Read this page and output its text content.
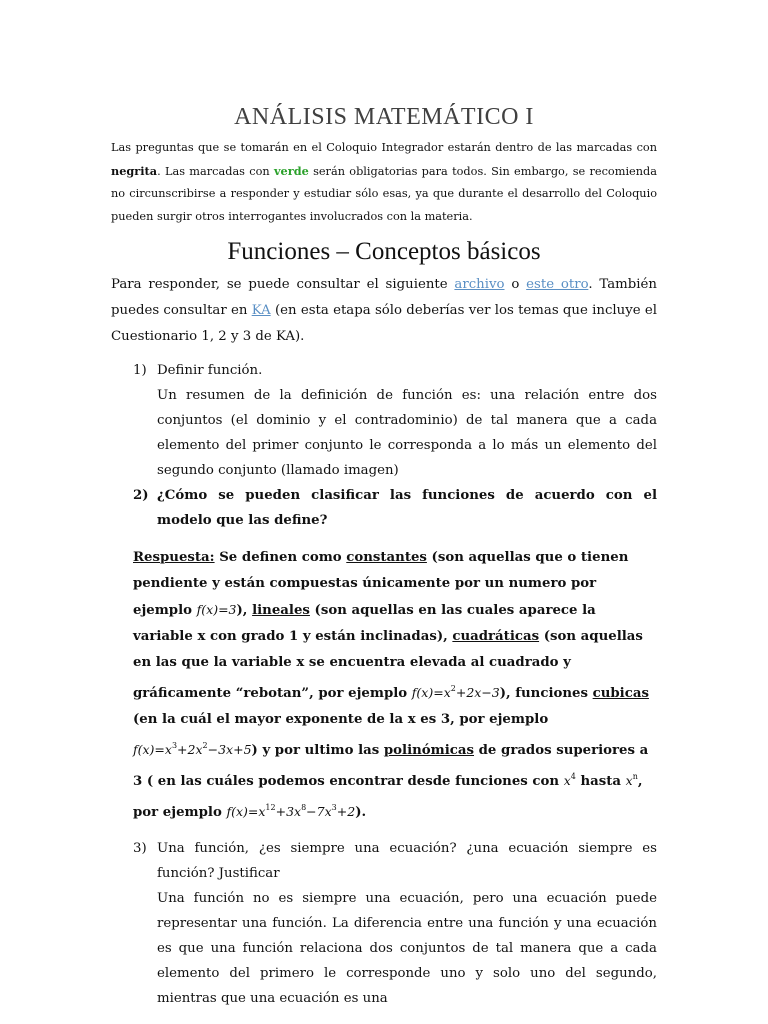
ANÁLISIS MATEMÁTICO I

Las preguntas que se tomarán en el Coloquio Integrador estarán dentro de las marcadas con negrita. Las marcadas con verde serán obligatorias para todos. Sin embargo, se recomienda no circunscribirse a responder y estudiar sólo esas, ya que durante el desarrollo del Coloquio pueden surgir otros interrogantes involucrados con la materia.

Funciones – Conceptos básicos

Para responder, se puede consultar el siguiente archivo o este otro. También puedes consultar en KA (en esta etapa sólo deberías ver los temas que incluye el Cuestionario 1, 2 y 3 de KA).

1) Definir función.
Un resumen de la definición de función es: una relación entre dos conjuntos (el dominio y el contradominio) de tal manera que a cada elemento del primer conjunto le corresponda a lo más un elemento del segundo conjunto (llamado imagen)
2) ¿Cómo se pueden clasificar las funciones de acuerdo con el modelo que las define?
Respuesta: Se definen como constantes (son aquellas que o tienen pendiente y están compuestas únicamente por un numero por ejemplo f(x)=3), lineales (son aquellas en las cuales aparece la variable x con grado 1 y están inclinadas), cuadráticas (son aquellas en las que la variable x se encuentra elevada al cuadrado y gráficamente “rebotan”, por ejemplo $f(x)=x^2+2x-3$), funciones cubicas (en la cuál el mayor exponente de la x es 3, por ejemplo $f(x)=x^3+2x^2-3x+5$) y por ultimo las polinómicas de grados superiores a 3 ( en las cuáles podemos encontrar desde funciones con $x^4$ hasta $x^n$, por ejemplo $f(x)=x^{12}+3x^8-7x^3+2$).
3) Una función, ¿es siempre una ecuación? ¿una ecuación siempre es función? Justificar
Una función no es siempre una ecuación, pero una ecuación puede representar una función. La diferencia entre una función y una ecuación es que una función relaciona dos conjuntos de tal manera que a cada elemento del primero le corresponde uno y solo uno del segundo, mientras que una ecuación es una
